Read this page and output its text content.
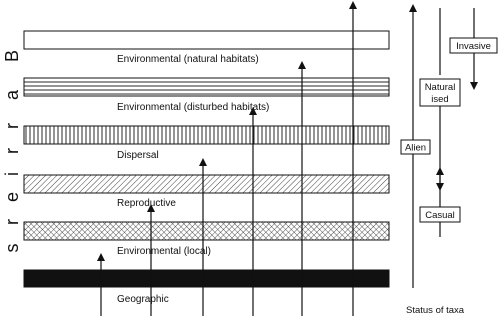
B
a
r
r
i
e
r
s
Environmental (natural habitats)
Environmental (disturbed habitats)
Dispersal
Reproductive
Environmental (local)
Geographic
Alien
Casual
Natural
ised
Invasive
Status of taxa
